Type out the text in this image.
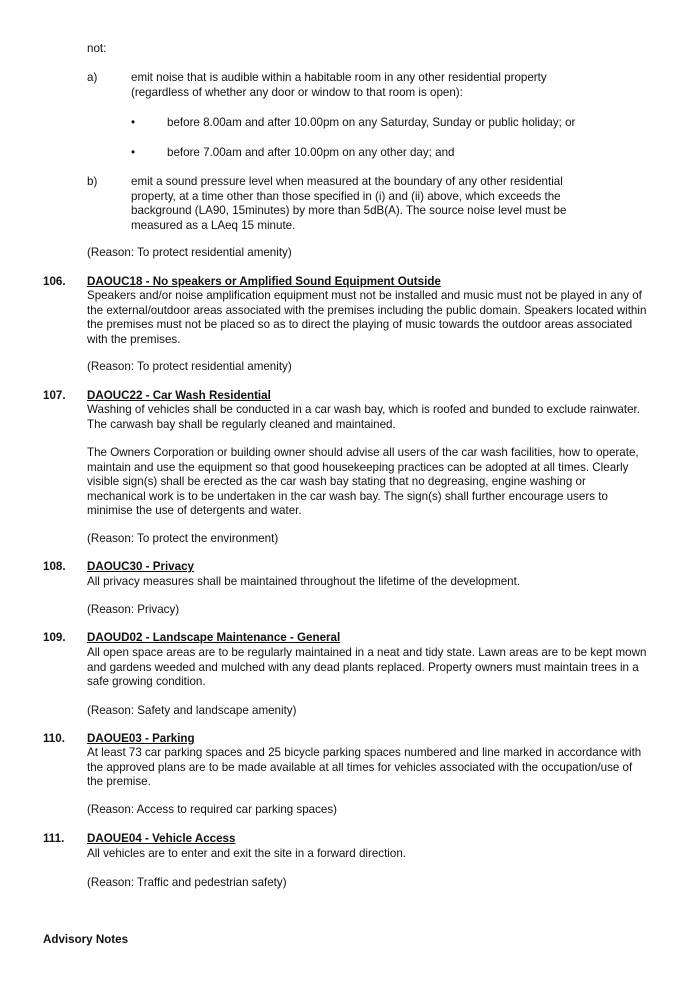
not:
a)	emit noise that is audible within a habitable room in any other residential property
(regardless of whether any door or window to that room is open):
•	before 8.00am and after 10.00pm on any Saturday, Sunday or public holiday; or
•	before 7.00am and after 10.00pm on any other day; and
b)	emit a sound pressure level when measured at the boundary of any other residential property, at a time other than those specified in (i) and (ii) above, which exceeds the background (LA90, 15minutes) by more than 5dB(A). The source noise level must be measured as a LAeq 15 minute.
(Reason: To protect residential amenity)
106. DAOUC18 - No speakers or Amplified Sound Equipment Outside
Speakers and/or noise amplification equipment must not be installed and music must not be played in any of the external/outdoor areas associated with the premises including the public domain. Speakers located within the premises must not be placed so as to direct the playing of music towards the outdoor areas associated with the premises.
(Reason: To protect residential amenity)
107. DAOUC22 - Car Wash Residential
Washing of vehicles shall be conducted in a car wash bay, which is roofed and bunded to exclude rainwater. The carwash bay shall be regularly cleaned and maintained.
The Owners Corporation or building owner should advise all users of the car wash facilities, how to operate, maintain and use the equipment so that good housekeeping practices can be adopted at all times. Clearly visible sign(s) shall be erected as the car wash bay stating that no degreasing, engine washing or mechanical work is to be undertaken in the car wash bay. The sign(s) shall further encourage users to minimise the use of detergents and water.
(Reason: To protect the environment)
108. DAOUC30 - Privacy
All privacy measures shall be maintained throughout the lifetime of the development.
(Reason: Privacy)
109. DAOUD02 - Landscape Maintenance - General
All open space areas are to be regularly maintained in a neat and tidy state. Lawn areas are to be kept mown and gardens weeded and mulched with any dead plants replaced. Property owners must maintain trees in a safe growing condition.
(Reason: Safety and landscape amenity)
110. DAOUE03 - Parking
At least 73 car parking spaces and 25 bicycle parking spaces numbered and line marked in accordance with the approved plans are to be made available at all times for vehicles associated with the occupation/use of the premise.
(Reason: Access to required car parking spaces)
111. DAOUE04 - Vehicle Access
All vehicles are to enter and exit the site in a forward direction.
(Reason: Traffic and pedestrian safety)
Advisory Notes
